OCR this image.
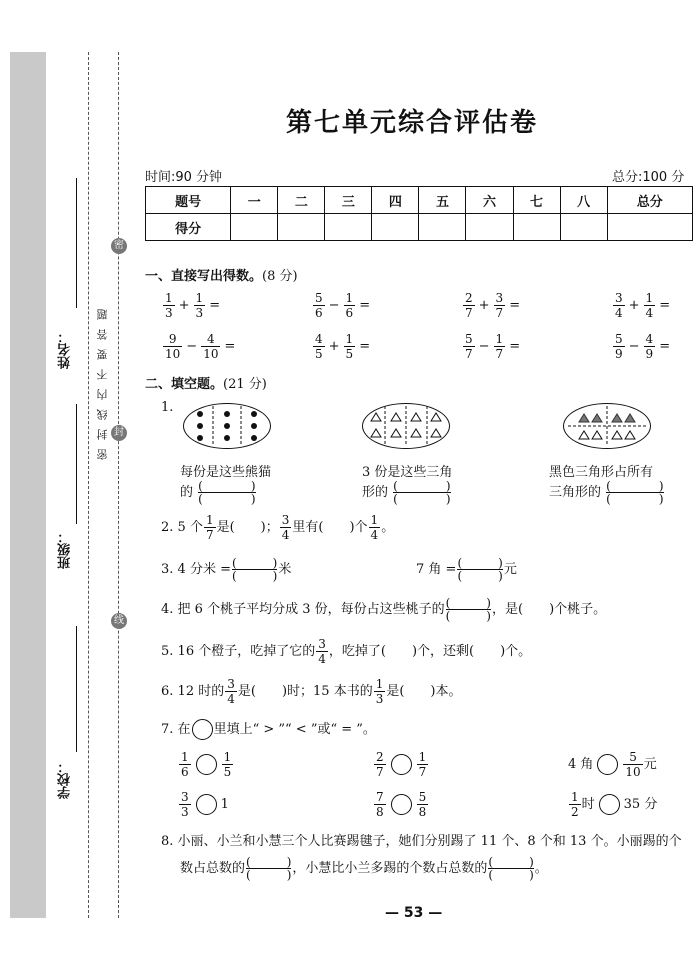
姓名：
班级：
学校：
密
封
线
密封线内不要答题
第七单元综合评估卷
时间:90 分钟	总分:100 分
题号	一	二	三	四	五	六	七	八	总分
得分									
一、直接写出得数。(8 分)
$\frac{1}{3} + \frac{1}{3}$ =	$\frac{5}{6} - \frac{1}{6}$ =	$\frac{2}{7} + \frac{3}{7}$ =	$\frac{3}{4} + \frac{1}{4}$ =
$\frac{9}{10} - \frac{4}{10}$ =	$\frac{4}{5} + \frac{1}{5}$ =	$\frac{5}{7} - \frac{1}{7}$ =	$\frac{5}{9} - \frac{4}{9}$ =
二、填空题。(21 分)
1.
每份是这些熊猫
的 (　　　　)
(　　　　)
3 份是这些三角
形的 (　　　　)
(　　　　)
黑色三角形占所有
三角形的 (　　　　)
(　　　　)
2. 5 个 $\frac{1}{7}$ 是(　　)； $\frac{3}{4}$ 里有(　　)个 $\frac{1}{4}$ 。
3. 4 分米 = (　　　)
(　　　) 米	7 角 = (　　　)
(　　　) 元
4. 把 6 个桃子平均分成 3 份，每份占这些桃子的 (　　　)
(　　　) ，是(　　)个桃子。
5. 16 个橙子，吃掉了它的 $\frac{3}{4}$ ，吃掉了(　　)个，还剩(　　)个。
6. 12 时的 $\frac{3}{4}$ 是(　　)时；15 本书的 $\frac{1}{3}$ 是(　　)本。
7. 在 里填上“ > ”“ < ”或“ = ”。
$\frac{1}{6}$	$\frac{1}{5}$	$\frac{2}{7}$	$\frac{1}{7}$	4 角	$\frac{5}{10}$ 元
$\frac{3}{3} 1$	$\frac{7}{8}$	$\frac{5}{8}$	$\frac{1}{2}$ 时 35 分
8. 小丽、小兰和小慧三个人比赛踢毽子，她们分别踢了 11 个、8 个和 13 个。小丽踢的个
数占总数的 (　　　)
(　　　) ，小慧比小兰多踢的个数占总数的 (　　　)
(　　　) 。
— 53 —
